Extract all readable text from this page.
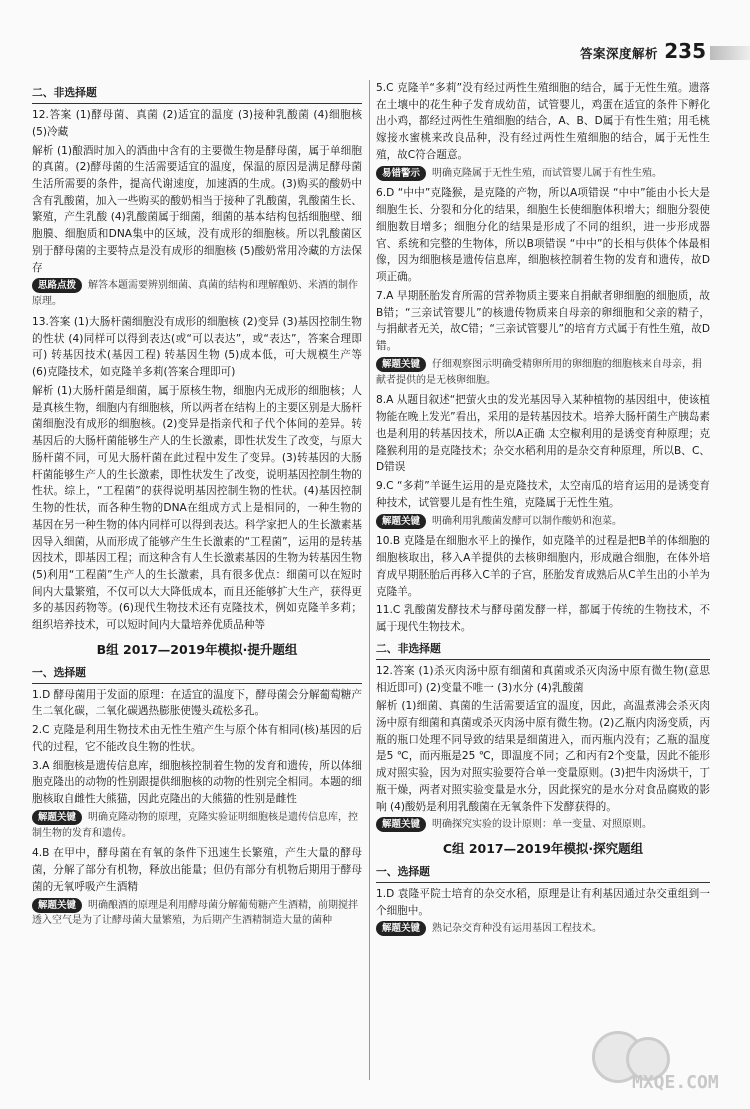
答案深度解析 235
二、非选择题

12.答案 (1)酵母菌、真菌 (2)适宜的温度 (3)接种乳酸菌 (4)细胞核 (5)冷藏

解析 (1)酿酒时加入的酒曲中含有的主要微生物是酵母菌，属于单细胞的真菌。(2)酵母菌的生活需要适宜的温度，保温的原因是满足酵母菌生活所需要的条件，提高代谢速度，加速酒的生成。(3)购买的酸奶中含有乳酸菌，加入一些购买的酸奶相当于接种了乳酸菌，乳酸菌生长、繁殖，产生乳酸 (4)乳酸菌属于细菌，细菌的基本结构包括细胞壁、细胞膜、细胞质和DNA集中的区域，没有成形的细胞核。所以乳酸菌区别于酵母菌的主要特点是没有成形的细胞核 (5)酸奶常用冷藏的方法保存

思路点拨 解答本题需要辨别细菌、真菌的结构和理解酿奶、米酒的制作原理。

13.答案 (1)大肠杆菌细胞没有成形的细胞核 (2)变异 (3)基因控制生物的性状 (4)同样可以得到表达(或“可以表达”，或“表达”，答案合理即可) 转基因技术(基因工程) 转基因生物 (5)成本低，可大规模生产等 (6)克隆技术，如克隆羊多莉(答案合理即可)

解析 (1)大肠杆菌是细菌，属于原核生物，细胞内无成形的细胞核；人是真核生物，细胞内有细胞核，所以两者在结构上的主要区别是大肠杆菌细胞没有成形的细胞核。(2)变异是指亲代和子代个体间的差异。转基因后的大肠杆菌能够生产人的生长激素，即性状发生了改变，与原大肠杆菌不同，可见大肠杆菌在此过程中发生了变异。(3)转基因的大肠杆菌能够生产人的生长激素，即性状发生了改变，说明基因控制生物的性状。综上，“工程菌”的获得说明基因控制生物的性状。(4)基因控制生物的性状，而各种生物的DNA在组成方式上是相同的，一种生物的基因在另一种生物的体内同样可以得到表达。科学家把人的生长激素基因导入细菌，从而形成了能够产生生长激素的“工程菌”，运用的是转基因技术，即基因工程；而这种含有人生长激素基因的生物为转基因生物 (5)利用“工程菌”生产人的生长激素，具有很多优点：细菌可以在短时间内大量繁殖，不仅可以大大降低成本，而且还能够扩大生产，获得更多的基因药物等。(6)现代生物技术还有克隆技术，例如克隆羊多莉；组织培养技术，可以短时间内大量培养优质品种等

B组 2017—2019年模拟·提升题组
一、选择题

1.D 酵母菌用于发面的原理：在适宜的温度下，酵母菌会分解葡萄糖产生二氧化碳，二氧化碳遇热膨胀使馒头疏松多孔。

2.C 克隆是利用生物技术由无性生殖产生与原个体有相同(核)基因的后代的过程，它不能改良生物的性状。

3.A 细胞核是遗传信息库，细胞核控制着生物的发育和遗传，所以体细胞克隆出的动物的性别跟提供细胞核的动物的性别完全相同。本题的细胞核取自雌性大熊猫，因此克隆出的大熊猫的性别是雌性

解题关键 明确克隆动物的原理，克隆实验证明细胞核是遗传信息库，控制生物的发育和遗传。

4.B 在甲中，酵母菌在有氧的条件下迅速生长繁殖，产生大量的酵母菌，分解了部分有机物，释放出能量；但仍有部分有机物后期用于酵母菌的无氧呼吸产生酒精

解题关键 明确酿酒的原理是利用酵母菌分解葡萄糖产生酒精，前期搅拌透入空气是为了让酵母菌大量繁殖，为后期产生酒精制造大量的菌种

5.C 克隆羊“多莉”没有经过两性生殖细胞的结合，属于无性生殖。遗落在土壤中的花生种子发育成幼苗，试管婴儿，鸡蛋在适宜的条件下孵化出小鸡，都经过两性生殖细胞的结合，A、B、D属于有性生殖；用毛桃嫁接水蜜桃来改良品种，没有经过两性生殖细胞的结合，属于无性生殖，故C符合题意。

易错警示 明确克隆属于无性生殖，而试管婴儿属于有性生殖。

6.D “中中”克隆猴，是克隆的产物，所以A项错误 “中中”能由小长大是细胞生长、分裂和分化的结果，细胞生长使细胞体积增大；细胞分裂使细胞数目增多；细胞分化的结果是形成了不同的组织，进一步形成器官、系统和完整的生物体，所以B项错误 “中中”的长相与供体个体最相像，因为细胞核是遗传信息库，细胞核控制着生物的发育和遗传，故D项正确。

7.A 早期胚胎发育所需的营养物质主要来自捐献者卵细胞的细胞质，故B错；“三亲试管婴儿”的核遗传物质来自母亲的卵细胞和父亲的精子，与捐献者无关，故C错；“三亲试管婴儿”的培育方式属于有性生殖，故D错。

解题关键 仔细观察图示明确受精卵所用的卵细胞的细胞核来自母亲，捐献者提供的是无核卵细胞。

8.A 从题目叙述“把萤火虫的发光基因导入某种植物的基因组中，使该植物能在晚上发光”看出，采用的是转基因技术。培养大肠杆菌生产胰岛素也是利用的转基因技术，所以A正确 太空椒利用的是诱变育种原理；克隆猴利用的是克隆技术；杂交水稻利用的是杂交育种原理，所以B、C、D错误

9.C “多莉”羊诞生运用的是克隆技术，太空南瓜的培育运用的是诱变育种技术，试管婴儿是有性生殖，克隆属于无性生殖。

解题关键 明确利用乳酸菌发酵可以制作酸奶和泡菜。

10.B 克隆是在细胞水平上的操作，如克隆羊的过程是把B羊的体细胞的细胞核取出，移入A羊提供的去核卵细胞内，形成融合细胞，在体外培育成早期胚胎后再移入C羊的子宫，胚胎发育成熟后从C羊生出的小羊为克隆羊。

11.C 乳酸菌发酵技术与酵母菌发酵一样，都属于传统的生物技术，不属于现代生物技术。

二、非选择题

12.答案 (1)杀灭肉汤中原有细菌和真菌或杀灭肉汤中原有微生物(意思相近即可) (2)变量不唯一 (3)水分 (4)乳酸菌

解析 (1)细菌、真菌的生活需要适宜的温度，因此，高温煮沸会杀灭肉汤中原有细菌和真菌或杀灭肉汤中原有微生物。(2)乙瓶内肉汤变质，丙瓶的瓶口处理不同导致的结果是细菌进入，而丙瓶内没有；乙瓶的温度是5 ℃，而丙瓶是25 ℃，即温度不同；乙和丙有2个变量，因此不能形成对照实验，因为对照实验要符合单一变量原则。(3)把牛肉汤烘干，丁瓶干燥，两者对照实验变量是水分，因此探究的是水分对食品腐败的影响 (4)酸奶是利用乳酸菌在无氧条件下发酵获得的。

解题关键 明确探究实验的设计原则：单一变量、对照原则。
C组 2017—2019年模拟·探究题组
一、选择题

1.D 袁隆平院士培育的杂交水稻，原理是让有利基因通过杂交重组到一个细胞中。

解题关键 熟记杂交育种没有运用基因工程技术。
MXQE.COM
